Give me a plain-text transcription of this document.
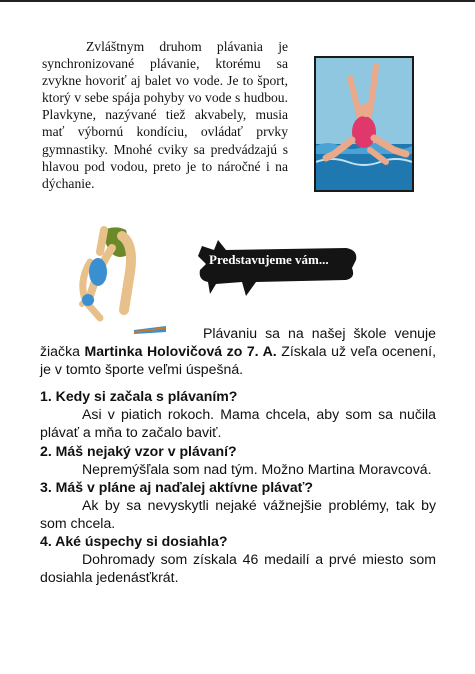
Zvláštnym druhom plávania je synchronizované plávanie, ktorému sa zvykne hovoriť aj balet vo vode. Je to šport, ktorý v sebe spája pohyby vo vode s hudbou. Plavkyne, nazývané tiež akvabely, musia mať výbornú kondíciu, ovládať prvky gymnastiky. Mnohé cviky sa predvádzajú s hlavou pod vodou, preto je to náročné i na dýchanie.

Predstavujeme vám...

Plávaniu sa na našej škole venuje žiačka Martinka Holovičová zo 7. A. Získala už veľa ocenení, je v tomto športe veľmi úspešná.

1. Kedy si začala s plávaním?

Asi v piatich rokoch. Mama chcela, aby som sa nučila plávať a mňa to začalo baviť.

2. Máš nejaký vzor v plávaní?

Nepremýšľala som nad tým. Možno Martina Moravcová.

3. Máš v pláne aj naďalej aktívne plávať?

Ak by sa nevyskytli nejaké vážnejšie problémy, tak by som chcela.

4. Aké úspechy si dosiahla?

Dohromady som získala 46 medailí a prvé miesto som dosiahla jedenásťkrát.
